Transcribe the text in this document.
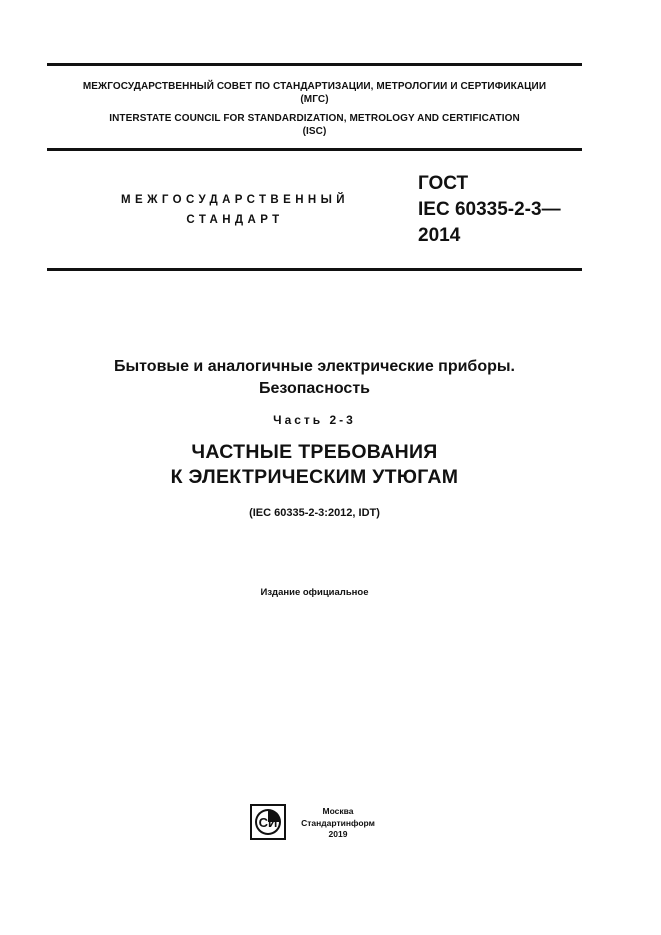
МЕЖГОСУДАРСТВЕННЫЙ СОВЕТ ПО СТАНДАРТИЗАЦИИ, МЕТРОЛОГИИ И СЕРТИФИКАЦИИ
(МГС)
INTERSTATE COUNCIL FOR STANDARDIZATION, METROLOGY AND CERTIFICATION
(ISC)
МЕЖГОСУДАРСТВЕННЫЙ
СТАНДАРТ
ГОСТ
IEC 60335-2-3—
2014
Бытовые и аналогичные электрические приборы.
Безопасность
Часть 2-3
ЧАСТНЫЕ ТРЕБОВАНИЯ
К ЭЛЕКТРИЧЕСКИМ УТЮГАМ
(IEC 60335-2-3:2012, IDT)
Издание официальное
СИ
Москва
Стандартинформ
2019
